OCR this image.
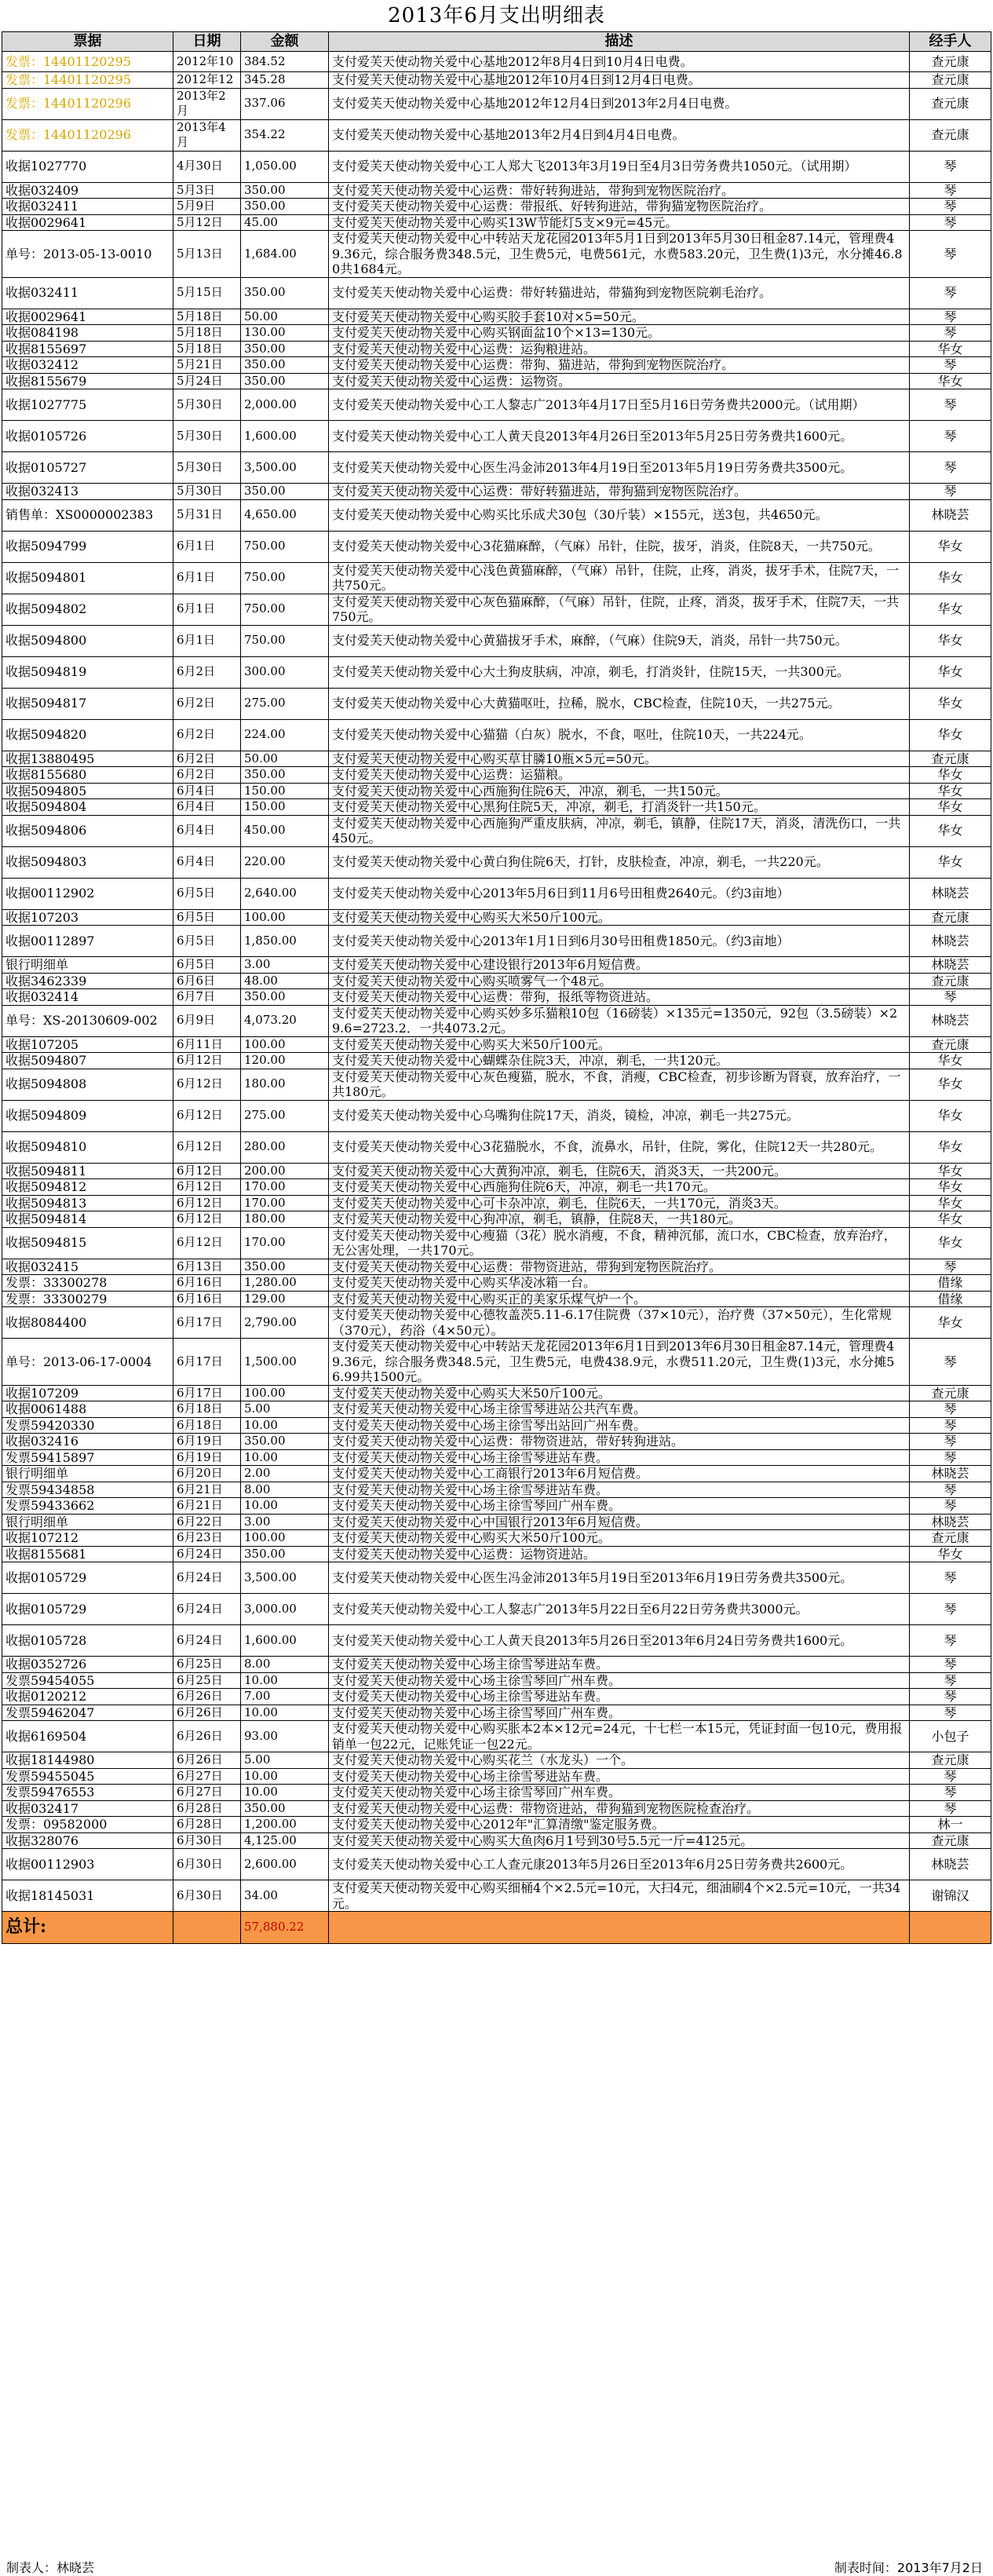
2013年6月支出明细表
票据	日期	金额	描述	经手人
发票：14401120295	2012年10	384.52	支付爱芙天使动物关爱中心基地2012年8月4日到10月4日电费。	查元康
发票：14401120295	2012年12	345.28	支付爱芙天使动物关爱中心基地2012年10月4日到12月4日电费。	查元康
发票：14401120296	2013年2月	337.06	支付爱芙天使动物关爱中心基地2012年12月4日到2013年2月4日电费。	查元康
发票：14401120296	2013年4月	354.22	支付爱芙天使动物关爱中心基地2013年2月4日到4月4日电费。	查元康
收据1027770	4月30日	1,050.00	支付爱芙天使动物关爱中心工人郑大飞2013年3月19日至4月3日劳务费共1050元。（试用期）	琴
收据032409	5月3日	350.00	支付爱芙天使动物关爱中心运费：带好转狗进站，带狗到宠物医院治疗。	琴
收据032411	5月9日	350.00	支付爱芙天使动物关爱中心运费：带报纸、好转狗进站，带狗猫宠物医院治疗。	琴
收据0029641	5月12日	45.00	支付爱芙天使动物关爱中心购买13W节能灯5支×9元=45元。	琴
单号：2013-05-13-0010	5月13日	1,684.00	支付爱芙天使动物关爱中心中转站天龙花园2013年5月1日到2013年5月30日租金87.14元，管理费49.36元，综合服务费348.5元，卫生费5元，电费561元，水费583.20元，卫生费(1)3元，水分摊46.80共1684元。	琴
收据032411	5月15日	350.00	支付爱芙天使动物关爱中心运费：带好转猫进站，带猫狗到宠物医院剃毛治疗。	琴
收据0029641	5月18日	50.00	支付爱芙天使动物关爱中心购买胶手套10对×5=50元。	琴
收据084198	5月18日	130.00	支付爱芙天使动物关爱中心购买钢面盆10个×13=130元。	琴
收据8155697	5月18日	350.00	支付爱芙天使动物关爱中心运费：运狗粮进站。	华女
收据032412	5月21日	350.00	支付爱芙天使动物关爱中心运费：带狗、猫进站，带狗到宠物医院治疗。	琴
收据8155679	5月24日	350.00	支付爱芙天使动物关爱中心运费：运物资。	华女
收据1027775	5月30日	2,000.00	支付爱芙天使动物关爱中心工人黎志广2013年4月17日至5月16日劳务费共2000元。（试用期）	琴
收据0105726	5月30日	1,600.00	支付爱芙天使动物关爱中心工人黄天良2013年4月26日至2013年5月25日劳务费共1600元。	琴
收据0105727	5月30日	3,500.00	支付爱芙天使动物关爱中心医生冯金沛2013年4月19日至2013年5月19日劳务费共3500元。	琴
收据032413	5月30日	350.00	支付爱芙天使动物关爱中心运费：带好转猫进站，带狗猫到宠物医院治疗。	琴
销售单：XS0000002383	5月31日	4,650.00	支付爱芙天使动物关爱中心购买比乐成犬30包（30斤装）×155元，送3包，共4650元。	林晓芸
收据5094799	6月1日	750.00	支付爱芙天使动物关爱中心3花猫麻醉，（气麻）吊针，住院，拔牙，消炎，住院8天，一共750元。	华女
收据5094801	6月1日	750.00	支付爱芙天使动物关爱中心浅色黄猫麻醉，（气麻）吊针，住院，止疼，消炎，拔牙手术，住院7天，一共750元。	华女
收据5094802	6月1日	750.00	支付爱芙天使动物关爱中心灰色猫麻醉，（气麻）吊针，住院，止疼，消炎，拔牙手术，住院7天，一共750元。	华女
收据5094800	6月1日	750.00	支付爱芙天使动物关爱中心黄猫拔牙手术，麻醉，（气麻）住院9天，消炎，吊针一共750元。	华女
收据5094819	6月2日	300.00	支付爱芙天使动物关爱中心大土狗皮肤病，冲凉，剃毛，打消炎针，住院15天，一共300元。	华女
收据5094817	6月2日	275.00	支付爱芙天使动物关爱中心大黄猫呕吐，拉稀，脱水，CBC检查，住院10天，一共275元。	华女
收据5094820	6月2日	224.00	支付爱芙天使动物关爱中心猫猫（白灰）脱水，不食，呕吐，住院10天，一共224元。	华女
收据13880495	6月2日	50.00	支付爱芙天使动物关爱中心购买草甘膦10瓶×5元=50元。	查元康
收据8155680	6月2日	350.00	支付爱芙天使动物关爱中心运费：运猫粮。	华女
收据5094805	6月4日	150.00	支付爱芙天使动物关爱中心西施狗住院6天，冲凉，剃毛，一共150元。	华女
收据5094804	6月4日	150.00	支付爱芙天使动物关爱中心黑狗住院5天，冲凉，剃毛，打消炎针一共150元。	华女
收据5094806	6月4日	450.00	支付爱芙天使动物关爱中心西施狗严重皮肤病，冲凉，剃毛，镇静，住院17天，消炎，清洗伤口，一共450元。	华女
收据5094803	6月4日	220.00	支付爱芙天使动物关爱中心黄白狗住院6天，打针，皮肤检查，冲凉，剃毛，一共220元。	华女
收据00112902	6月5日	2,640.00	支付爱芙天使动物关爱中心2013年5月6日到11月6号田租费2640元。（约3亩地）	林晓芸
收据107203	6月5日	100.00	支付爱芙天使动物关爱中心购买大米50斤100元。	查元康
收据00112897	6月5日	1,850.00	支付爱芙天使动物关爱中心2013年1月1日到6月30号田租费1850元。（约3亩地）	林晓芸
银行明细单	6月5日	3.00	支付爱芙天使动物关爱中心建设银行2013年6月短信费。	林晓芸
收据3462339	6月6日	48.00	支付爱芙天使动物关爱中心购买喷雾气一个48元。	查元康
收据032414	6月7日	350.00	支付爱芙天使动物关爱中心运费：带狗，报纸等物资进站。	琴
单号：XS-20130609-002	6月9日	4,073.20	支付爱芙天使动物关爱中心购买妙多乐猫粮10包（16磅装）×135元=1350元，92包（3.5磅装）×29.6=2723.2．一共4073.2元。	林晓芸
收据107205	6月11日	100.00	支付爱芙天使动物关爱中心购买大米50斤100元。	查元康
收据5094807	6月12日	120.00	支付爱芙天使动物关爱中心蝴蝶杂住院3天，冲凉，剃毛，一共120元。	华女
收据5094808	6月12日	180.00	支付爱芙天使动物关爱中心灰色瘦猫，脱水，不食，消瘦，CBC检查，初步诊断为肾衰，放弃治疗，一共180元。	华女
收据5094809	6月12日	275.00	支付爱芙天使动物关爱中心乌嘴狗住院17天，消炎，镜检，冲凉，剃毛一共275元。	华女
收据5094810	6月12日	280.00	支付爱芙天使动物关爱中心3花猫脱水，不食，流鼻水，吊针，住院，雾化，住院12天一共280元。	华女
收据5094811	6月12日	200.00	支付爱芙天使动物关爱中心大黄狗冲凉，剃毛，住院6天，消炎3天，一共200元。	华女
收据5094812	6月12日	170.00	支付爱芙天使动物关爱中心西施狗住院6天，冲凉，剃毛一共170元。	华女
收据5094813	6月12日	170.00	支付爱芙天使动物关爱中心可卡杂冲凉，剃毛，住院6天，一共170元，消炎3天。	华女
收据5094814	6月12日	180.00	支付爱芙天使动物关爱中心狗冲凉，剃毛，镇静，住院8天，一共180元。	华女
收据5094815	6月12日	170.00	支付爱芙天使动物关爱中心瘦猫（3花）脱水消瘦，不食，精神沉郁，流口水，CBC检查，放弃治疗，无公害处理，一共170元。	华女
收据032415	6月13日	350.00	支付爱芙天使动物关爱中心运费：带物资进站，带狗到宠物医院治疗。	琴
发票：33300278	6月16日	1,280.00	支付爱芙天使动物关爱中心购买华凌冰箱一台。	借缘
发票：33300279	6月16日	129.00	支付爱芙天使动物关爱中心购买正的美家乐煤气炉一个。	借缘
收据8084400	6月17日	2,790.00	支付爱芙天使动物关爱中心德牧盖茨5.11-6.17住院费（37×10元），治疗费（37×50元），生化常规（370元），药浴（4×50元）。	华女
单号：2013-06-17-0004	6月17日	1,500.00	支付爱芙天使动物关爱中心中转站天龙花园2013年6月1日到2013年6月30日租金87.14元，管理费49.36元，综合服务费348.5元，卫生费5元，电费438.9元，水费511.20元，卫生费(1)3元，水分摊56.99共1500元。	琴
收据107209	6月17日	100.00	支付爱芙天使动物关爱中心购买大米50斤100元。	查元康
收据0061488	6月18日	5.00	支付爱芙天使动物关爱中心场主徐雪琴进站公共汽车费。	琴
发票59420330	6月18日	10.00	支付爱芙天使动物关爱中心场主徐雪琴出站回广州车费。	琴
收据032416	6月19日	350.00	支付爱芙天使动物关爱中心运费：带物资进站，带好转狗进站。	琴
发票59415897	6月19日	10.00	支付爱芙天使动物关爱中心场主徐雪琴进站车费。	琴
银行明细单	6月20日	2.00	支付爱芙天使动物关爱中心工商银行2013年6月短信费。	林晓芸
发票59434858	6月21日	8.00	支付爱芙天使动物关爱中心场主徐雪琴进站车费。	琴
发票59433662	6月21日	10.00	支付爱芙天使动物关爱中心场主徐雪琴回广州车费。	琴
银行明细单	6月22日	3.00	支付爱芙天使动物关爱中心中国银行2013年6月短信费。	林晓芸
收据107212	6月23日	100.00	支付爱芙天使动物关爱中心购买大米50斤100元。	查元康
收据8155681	6月24日	350.00	支付爱芙天使动物关爱中心运费：运物资进站。	华女
收据0105729	6月24日	3,500.00	支付爱芙天使动物关爱中心医生冯金沛2013年5月19日至2013年6月19日劳务费共3500元。	琴
收据0105729	6月24日	3,000.00	支付爱芙天使动物关爱中心工人黎志广2013年5月22日至6月22日劳务费共3000元。	琴
收据0105728	6月24日	1,600.00	支付爱芙天使动物关爱中心工人黄天良2013年5月26日至2013年6月24日劳务费共1600元。	琴
收据0352726	6月25日	8.00	支付爱芙天使动物关爱中心场主徐雪琴进站车费。	琴
发票59454055	6月25日	10.00	支付爱芙天使动物关爱中心场主徐雪琴回广州车费。	琴
收据0120212	6月26日	7.00	支付爱芙天使动物关爱中心场主徐雪琴进站车费。	琴
发票59462047	6月26日	10.00	支付爱芙天使动物关爱中心场主徐雪琴回广州车费。	琴
收据6169504	6月26日	93.00	支付爱芙天使动物关爱中心购买胀本2本×12元=24元，十七栏一本15元，凭证封面一包10元，费用报销单一包22元，记账凭证一包22元。	小包子
收据18144980	6月26日	5.00	支付爱芙天使动物关爱中心购买花兰（水龙头）一个。	查元康
发票59455045	6月27日	10.00	支付爱芙天使动物关爱中心场主徐雪琴进站车费。	琴
发票59476553	6月27日	10.00	支付爱芙天使动物关爱中心场主徐雪琴回广州车费。	琴
收据032417	6月28日	350.00	支付爱芙天使动物关爱中心运费：带物资进站，带狗猫到宠物医院检查治疗。	琴
发票：09582000	6月28日	1,200.00	支付爱芙天使动物关爱中心2012年"汇算清缴"鉴定服务费。	林一
收据328076	6月30日	4,125.00	支付爱芙天使动物关爱中心购买大鱼肉6月1号到30号5.5元一斤=4125元。	查元康
收据00112903	6月30日	2,600.00	支付爱芙天使动物关爱中心工人查元康2013年5月26日至2013年6月25日劳务费共2600元。	林晓芸
收据18145031	6月30日	34.00	支付爱芙天使动物关爱中心购买细桶4个×2.5元=10元，大扫4元，细油刷4个×2.5元=10元，一共34元。	谢锦汉
总计:		57,880.22		
制表人：林晓芸	制表时间：2013年7月2日
